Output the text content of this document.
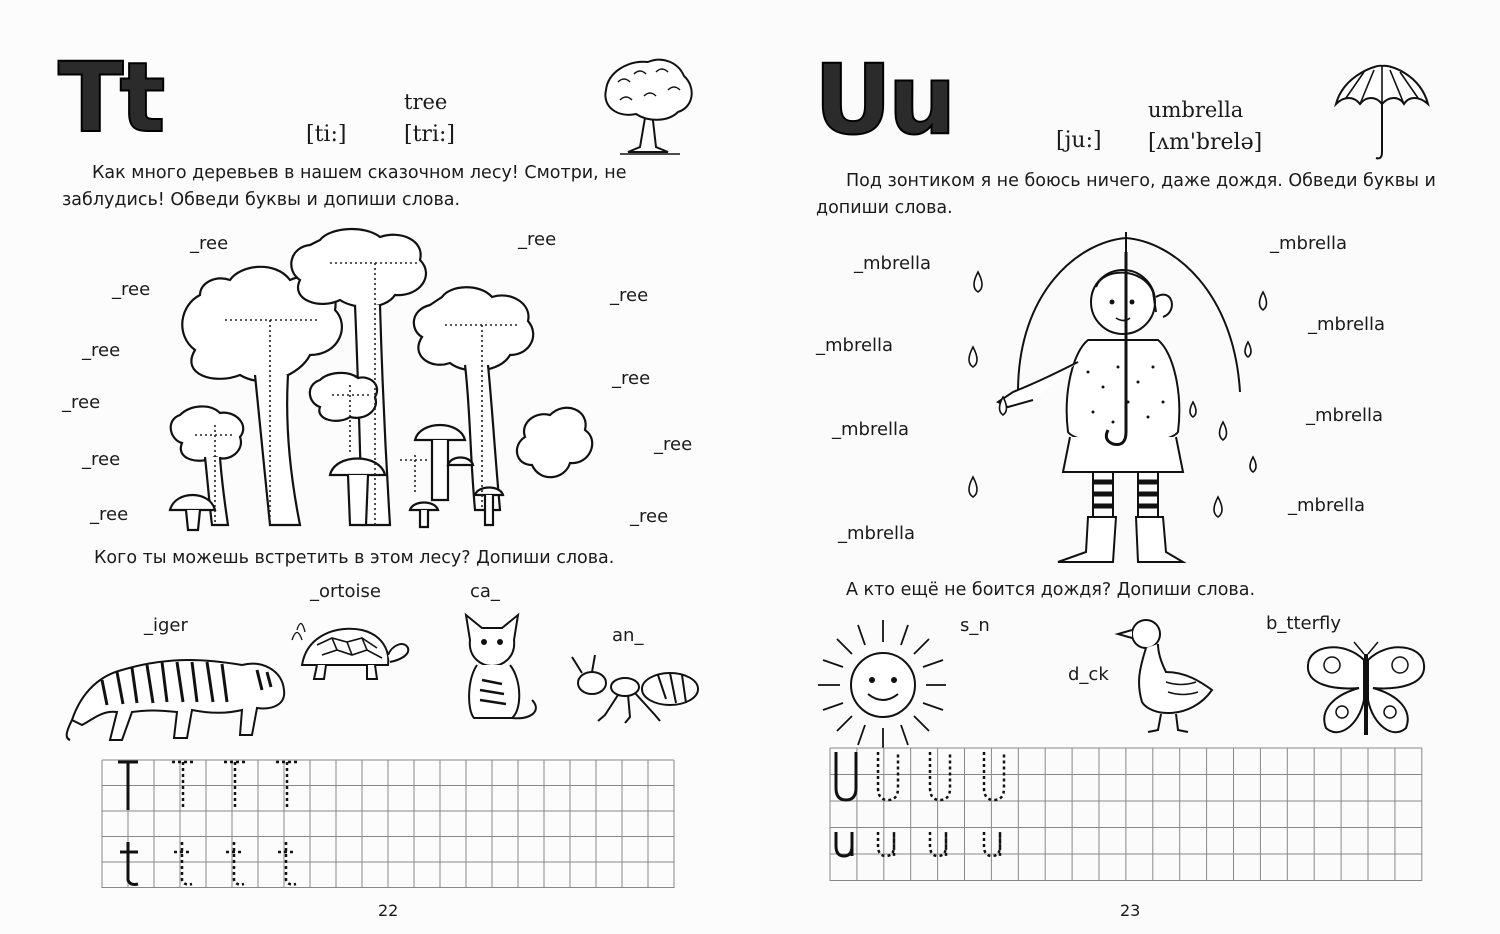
Tt	[ti:]
tree
[tri:]
Как много деревьев в нашем сказочном лесу! Смотри, не заблудись! Обведи буквы и допиши слова.
_ree	_ree
_ree	_ree
_ree
_ree
_ree
_ree
_ree
_ree	_ree
Кого ты можешь встретить в этом лесу? Допиши слова.
_iger
_ortoise	ca_
an_
22
Uu	[ju:]
umbrella
[ʌm'brelə]
Под зонтиком я не боюсь ничего, даже дождя. Обведи буквы и допиши слова.
_mbrella
_mbrella
_mbrella
_mbrella
_mbrella
_mbrella
_mbrella
_mbrella
А кто ещё не боится дождя? Допиши слова.
s_n
d_ck
b_tterfly
23
